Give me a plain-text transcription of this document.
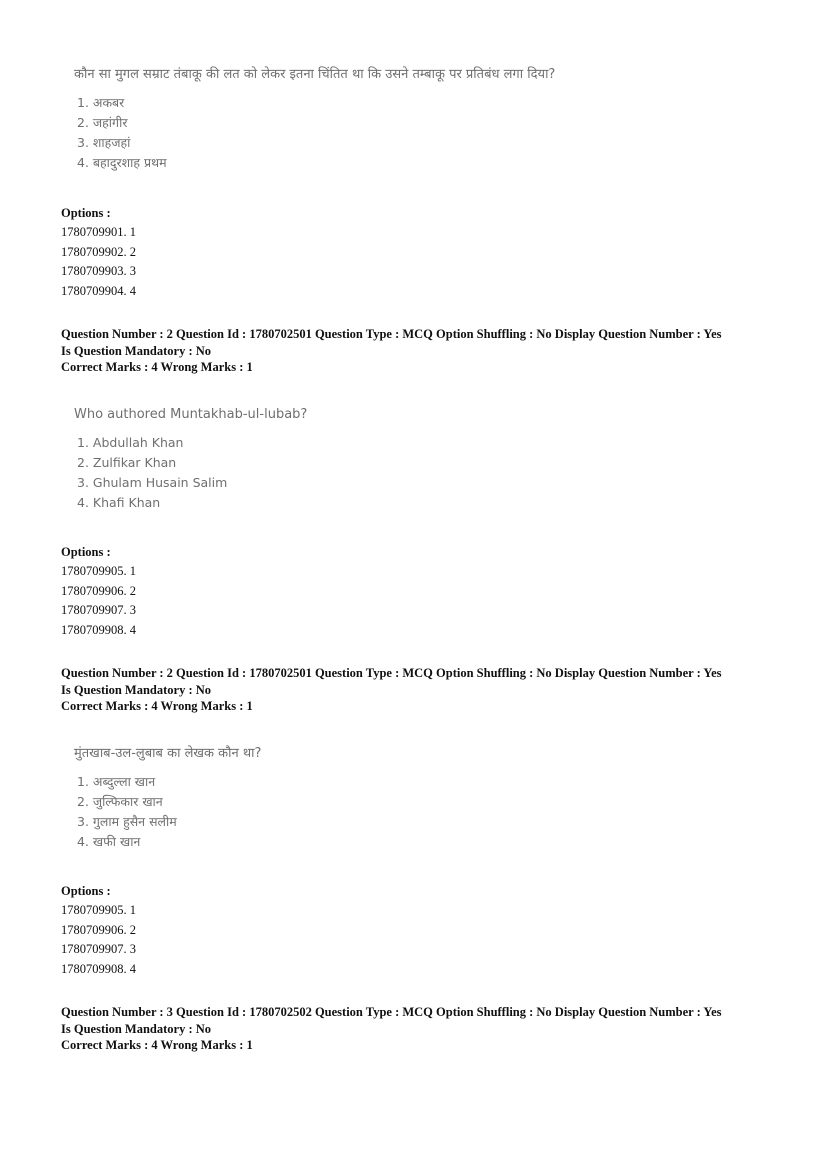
कौन सा मुगल सम्राट तंबाकू की लत को लेकर इतना चिंतित था कि उसने तम्बाकू पर प्रतिबंध लगा दिया?

1. अकबर
2. जहांगीर
3. शाहजहां
4. बहादुरशाह प्रथम
Options :
1780709901. 1
1780709902. 2
1780709903. 3
1780709904. 4
Question Number : 2 Question Id : 1780702501 Question Type : MCQ Option Shuffling : No Display Question Number : Yes
Is Question Mandatory : No
Correct Marks : 4 Wrong Marks : 1

Who authored Muntakhab-ul-lubab?

1. Abdullah Khan
2. Zulfikar Khan
3. Ghulam Husain Salim
4. Khafi Khan
Options :
1780709905. 1
1780709906. 2
1780709907. 3
1780709908. 4
Question Number : 2 Question Id : 1780702501 Question Type : MCQ Option Shuffling : No Display Question Number : Yes
Is Question Mandatory : No
Correct Marks : 4 Wrong Marks : 1

मुंतखाब-उल-लुबाब का लेखक कौन था?

1. अब्दुल्ला खान
2. जुल्फिकार खान
3. गुलाम हुसैन सलीम
4. खफी खान
Options :
1780709905. 1
1780709906. 2
1780709907. 3
1780709908. 4
Question Number : 3 Question Id : 1780702502 Question Type : MCQ Option Shuffling : No Display Question Number : Yes
Is Question Mandatory : No
Correct Marks : 4 Wrong Marks : 1
